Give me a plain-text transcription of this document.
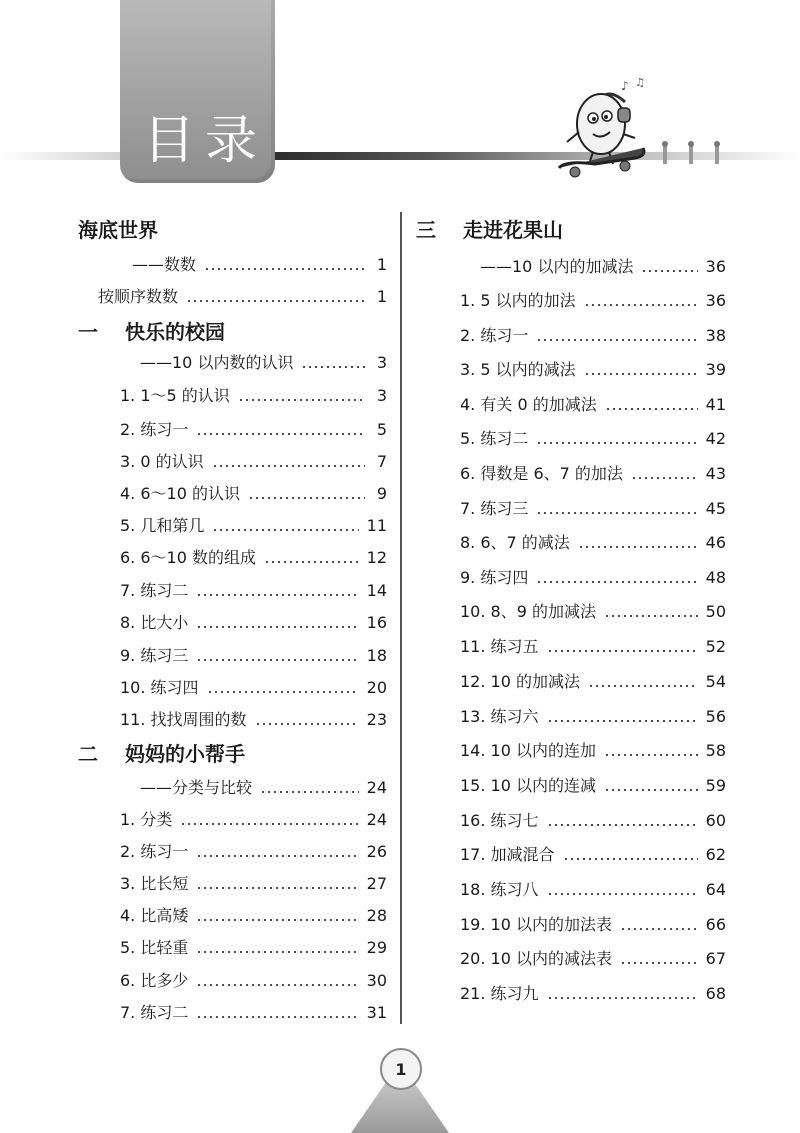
目录
♪ ♫
海底世界
——数数	1
按顺序数数	1
一 快乐的校园
——10 以内数的认识	3
1. 1～5 的认识	3
2. 练习一	5
3. 0 的认识	7
4. 6～10 的认识	9
5. 几和第几	11
6. 6～10 数的组成	12
7. 练习二	14
8. 比大小	16
9. 练习三	18
10. 练习四	20
11. 找找周围的数	23
二 妈妈的小帮手
——分类与比较	24
1. 分类	24
2. 练习一	26
3. 比长短	27
4. 比高矮	28
5. 比轻重	29
6. 比多少	30
7. 练习二	31
三 走进花果山
——10 以内的加减法	36
1. 5 以内的加法	36
2. 练习一	38
3. 5 以内的减法	39
4. 有关 0 的加减法	41
5. 练习二	42
6. 得数是 6、7 的加法	43
7. 练习三	45
8. 6、7 的减法	46
9. 练习四	48
10. 8、9 的加减法	50
11. 练习五	52
12. 10 的加减法	54
13. 练习六	56
14. 10 以内的连加	58
15. 10 以内的连减	59
16. 练习七	60
17. 加减混合	62
18. 练习八	64
19. 10 以内的加法表	66
20. 10 以内的减法表	67
21. 练习九	68
1
